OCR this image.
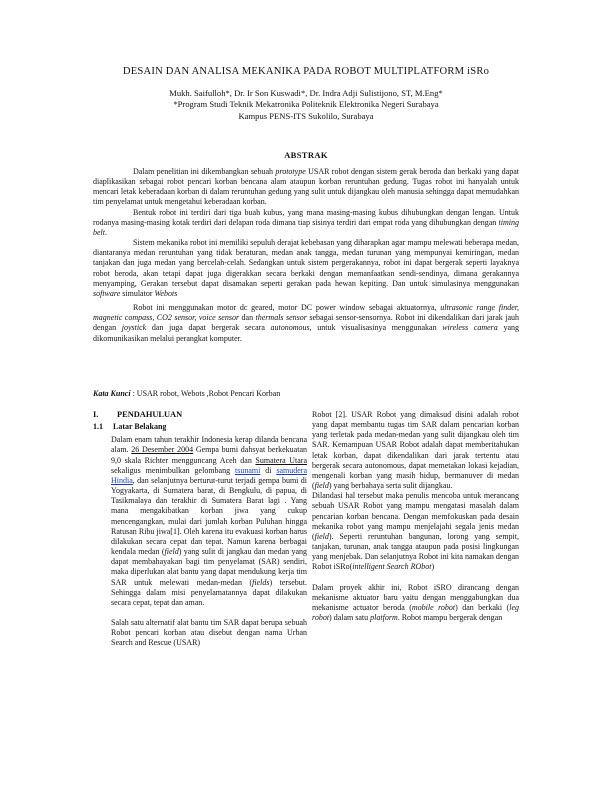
DESAIN DAN ANALISA MEKANIKA PADA ROBOT MULTIPLATFORM iSRo
Mukh. Saifulloh*, Dr. Ir Son Kuswadi*, Dr. Indra Adji Sulistijono, ST, M.Eng*
*Program Studi Teknik Mekatronika Politeknik Elektronika Negeri Surabaya
Kampus PENS-ITS Sukolilo, Surabaya
ABSTRAK

Dalam penelitian ini dikembangkan sebuah prototype USAR robot dengan sistem gerak beroda dan berkaki yang dapat diaplikasikan sebagai robot pencari korban bencana alam ataupun korban reruntuhan gedung. Tugas robot ini hanyalah untuk mencari letak keberadaan korban di dalam reruntuhan gedung yang sulit untuk dijangkau oleh manusia sehingga dapat memudahkan tim penyelamat untuk mengetahui keberadaan korban.

Bentuk robot ini terdiri dari tiga buah kubus, yang mana masing-masing kubus dihubungkan dengan lengan. Untuk rodanya masing-masing kotak terdiri dari delapan roda dimana tiap sisinya terdiri dari empat roda yang dihubungkan dengan timing belt.

Sistem mekanika robot ini memiliki sepuluh derajat kebebasan yang diharapkan agar mampu melewati beberapa medan, diantaranya medan reruntuhan yang tidak beraturan, medan anak tangga, medan turunan yang mempunyai kemiringan, medan tanjakan dan juga medan yang bercelah-celah. Sedangkan untuk sistem pergerakannya, robot ini dapat bergerak seperti layaknya robot beroda, akan tetapi dapat juga digerakkan secara berkaki dengan memanfaatkan sendi-sendinya, dimana gerakannya menyamping, Gerakan tersebut dapat disamakan seperti gerakan pada hewan kepiting. Dan untuk simulasinya menggunakan software simulator Webots

Robot ini menggunakan motor dc geared, motor DC power window sebagai aktuatornya, ultrasonic range finder, magnetic compass, CO2 sensor, voice sensor dan thermals sensor sebagai sensor-sensornya. Robot ini dikendalikan dari jarak jauh dengan joystick dan juga dapat bergerak secara autonomous, untuk visualisasinya menggunakan wireless camera yang dikomunikasikan melalui perangkat komputer.

Kata Kunci : USAR robot, Webots ,Robot Pencari Korban
I. PENDAHULUAN
1.1 Latar Belakang

Dalam enam tahun terakhir Indonesia kerap dilanda bencana alam. 26 Desember 2004 Gempa bumi dahsyat berkekuatan 9,0 skala Richter mengguncang Aceh dan Sumatera Utara sekaligus menimbulkan gelombang tsunami di samudera Hindia, dan selanjutnya berturut-turut terjadi gempa bumi di Yogyakarta, di Sumatera barat, di Bengkulu, di papua, di Tasikmalaya dan terakhir di Sumatera Barat lagi . Yang mana mengakibatkan korban jiwa yang cukup mencengangkan, mulai dari jumlah korban Puluhan hingga Ratusan Ribu jiwa[1]. Oleh karena itu evakuasi korban harus dilakukan secara cepat dan tepat. Namun karena berbagai kendala medan (field) yang sulit di jangkau dan medan yang dapat membahayakan bagi tim penyelamat (SAR) sendiri, maka diperlukan alat bantu yang dapat mendukung kerja tim SAR untuk melewati medan-medan (fields) tersebut. Sehingga dalam misi penyelamatannya dapat dilakukan secara cepat, tepat dan aman.

Salah satu alternatif alat bantu tim SAR dapat berupa sebuah Robot pencari korban atau disebut dengan nama Urban Search and Rescue (USAR)

Robot [2]. USAR Robot yang dimaksud disini adalah robot yang dapat membantu tugas tim SAR dalam pencarian korban yang terletak pada medan-medan yang sulit dijangkau oleh tim SAR. Kemampuan USAR Robot adalah dapat memberitahukan letak korban, dapat dikendalikan dari jarak tertentu atau bergerak secara autonomous, dapat memetakan lokasi kejadian, mengenali korban yang masih hidup, bermanuver di medan (field) yang berbahaya serta sulit dijangkau.

Dilandasi hal tersebut maka penulis mencoba untuk merancang sebuah USAR Robot yang mampu mengatasi masalah dalam pencarian korban bencana. Dengan memfokuskan pada desain mekanika robot yang mampu menjelajahi segala jenis medan (field). Seperti reruntuhan bangunan, lorong yang sempit, tanjakan, turunan, anak tangga ataupun pada posisi lingkungan yang menjebak. Dan selanjutnya Robot ini kita namakan dengan Robot iSRo(intelligent Search RObot)

Dalam proyek akhir ini, Robot iSRO dirancang dengan mekanisme aktuator baru yaitu dengan menggabungkan dua mekanisme actuator beroda (mobile robot) dan berkaki (leg robot) dalam satu platform. Robot mampu bergerak dengan
